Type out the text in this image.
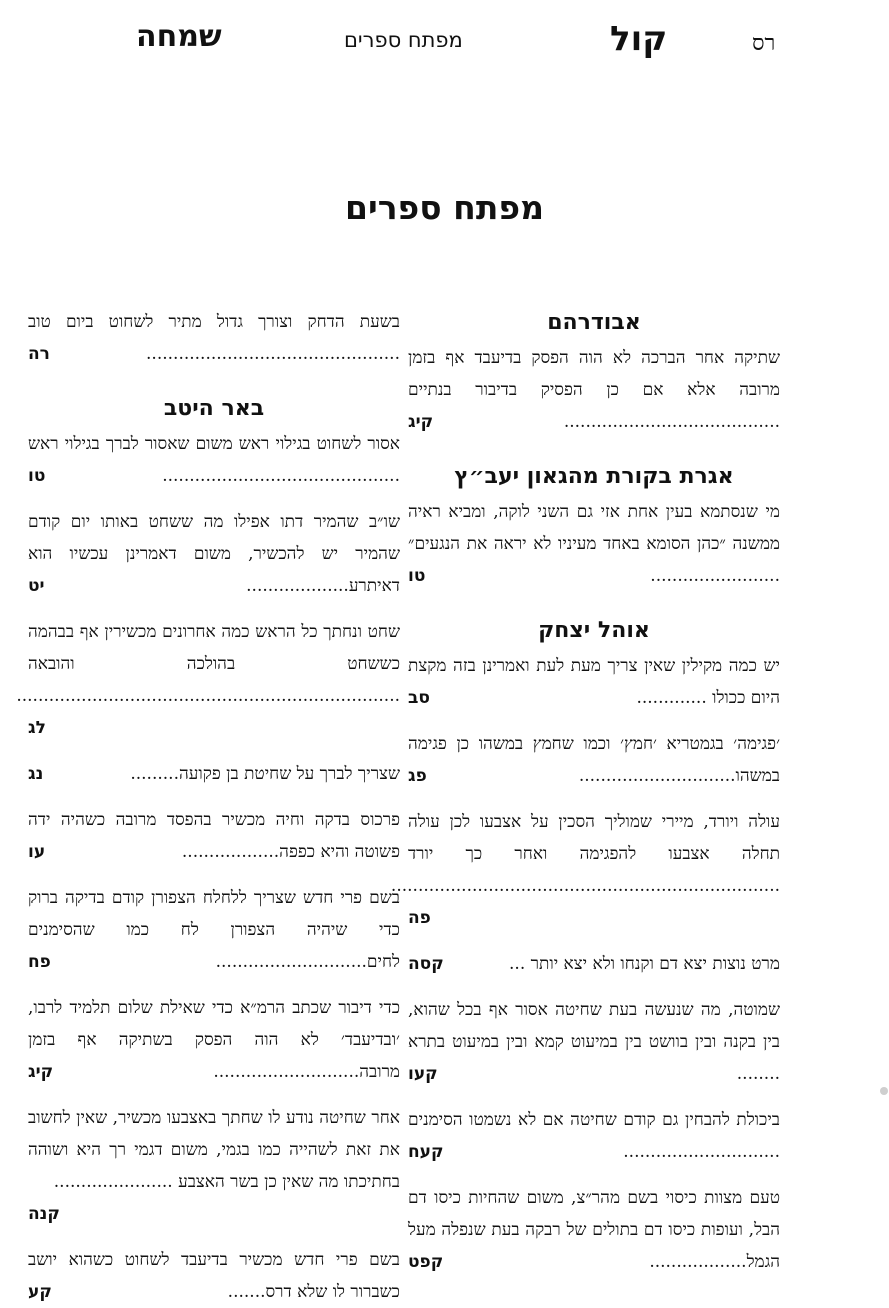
רס
קול
מפתח ספרים
שמחה
מפתח ספרים
אבודרהם

שתיקה אחר הברכה לא הוה הפסק בדיעבד אף בזמן מרובה אלא אם כן הפסיק בדיבור בנתיים ........................................
קיג

אגרת בקורת מהגאון יעב״ץ

מי שנסתמא בעין אחת אזי גם השני לוקה, ומביא ראיה ממשנה ״כהן הסומא באחד מעיניו לא יראה את הנגעים״ ........................
טו

אוהל יצחק

יש כמה מקילין שאין צריך מעת לעת ואמרינן בזה מקצת היום ככולו .............
סב

׳פגימה׳ בגמטריא ׳חמץ׳ וכמו שחמץ במשהו כן פגימה במשהו.............................
פג

עולה ויורד, מיירי שמוליך הסכין על אצבעו לכן עולה תחלה אצבעו להפגימה ואחר כך יורד ........................................................................
פה

מרט נוצות יצא דם וקנחו ולא יצא יותר ...
קסה

שמוטה, מה שנעשה בעת שחיטה אסור אף בכל שהוא, בין בקנה ובין בוושט בין במיעוט קמא ובין במיעוט בתרא ........
קעו

ביכולת להבחין גם קודם שחיטה אם לא נשמטו הסימנים .............................
קעח

טעם מצוות כיסוי בשם מהר״צ, משום שהחיות כיסו דם הבל, ועופות כיסו דם בתולים של רבקה בעת שנפלה מעל הגמל..................
קפט

בשעת הדחק וצורך גדול מתיר לשחוט ביום טוב ...............................................
רה

באר היטב

אסור לשחוט בגילוי ראש משום שאסור לברך בגילוי ראש ............................................
טו

שו״ב שהמיר דתו אפילו מה ששחט באותו יום קודם שהמיר יש להכשיר, משום דאמרינן עכשיו הוא דאיתרע...................
יט

שחט ונחתך כל הראש כמה אחרונים מכשירין אף בבהמה כששחט בהולכה והובאה .......................................................................
לג

שצריך לברך על שחיטת בן פקועה.........
נג

פרכוס בדקה וחיה מכשיר בהפסד מרובה כשהיה ידה פשוטה והיא כפפה..................
עו

בשם פרי חדש שצריך ללחלח הצפורן קודם בדיקה ברוק כדי שיהיה הצפורן לח כמו שהסימנים לחים............................
פח

כדי דיבור שכתב הרמ״א כדי שאילת שלום תלמיד לרבו, ׳ובדיעבד׳ לא הוה הפסק בשתיקה אף בזמן מרובה...........................
קיג

אחר שחיטה נודע לו שחתך באצבעו מכשיר, שאין לחשוב את זאת לשהייה כמו בגמי, משום דגמי רך היא ושוהה בחתיכתו מה שאין כן בשר האצבע ......................
קנה

בשם פרי חדש מכשיר בדיעבד לשחוט כשהוא יושב כשברור לו שלא דרס.......
קע
